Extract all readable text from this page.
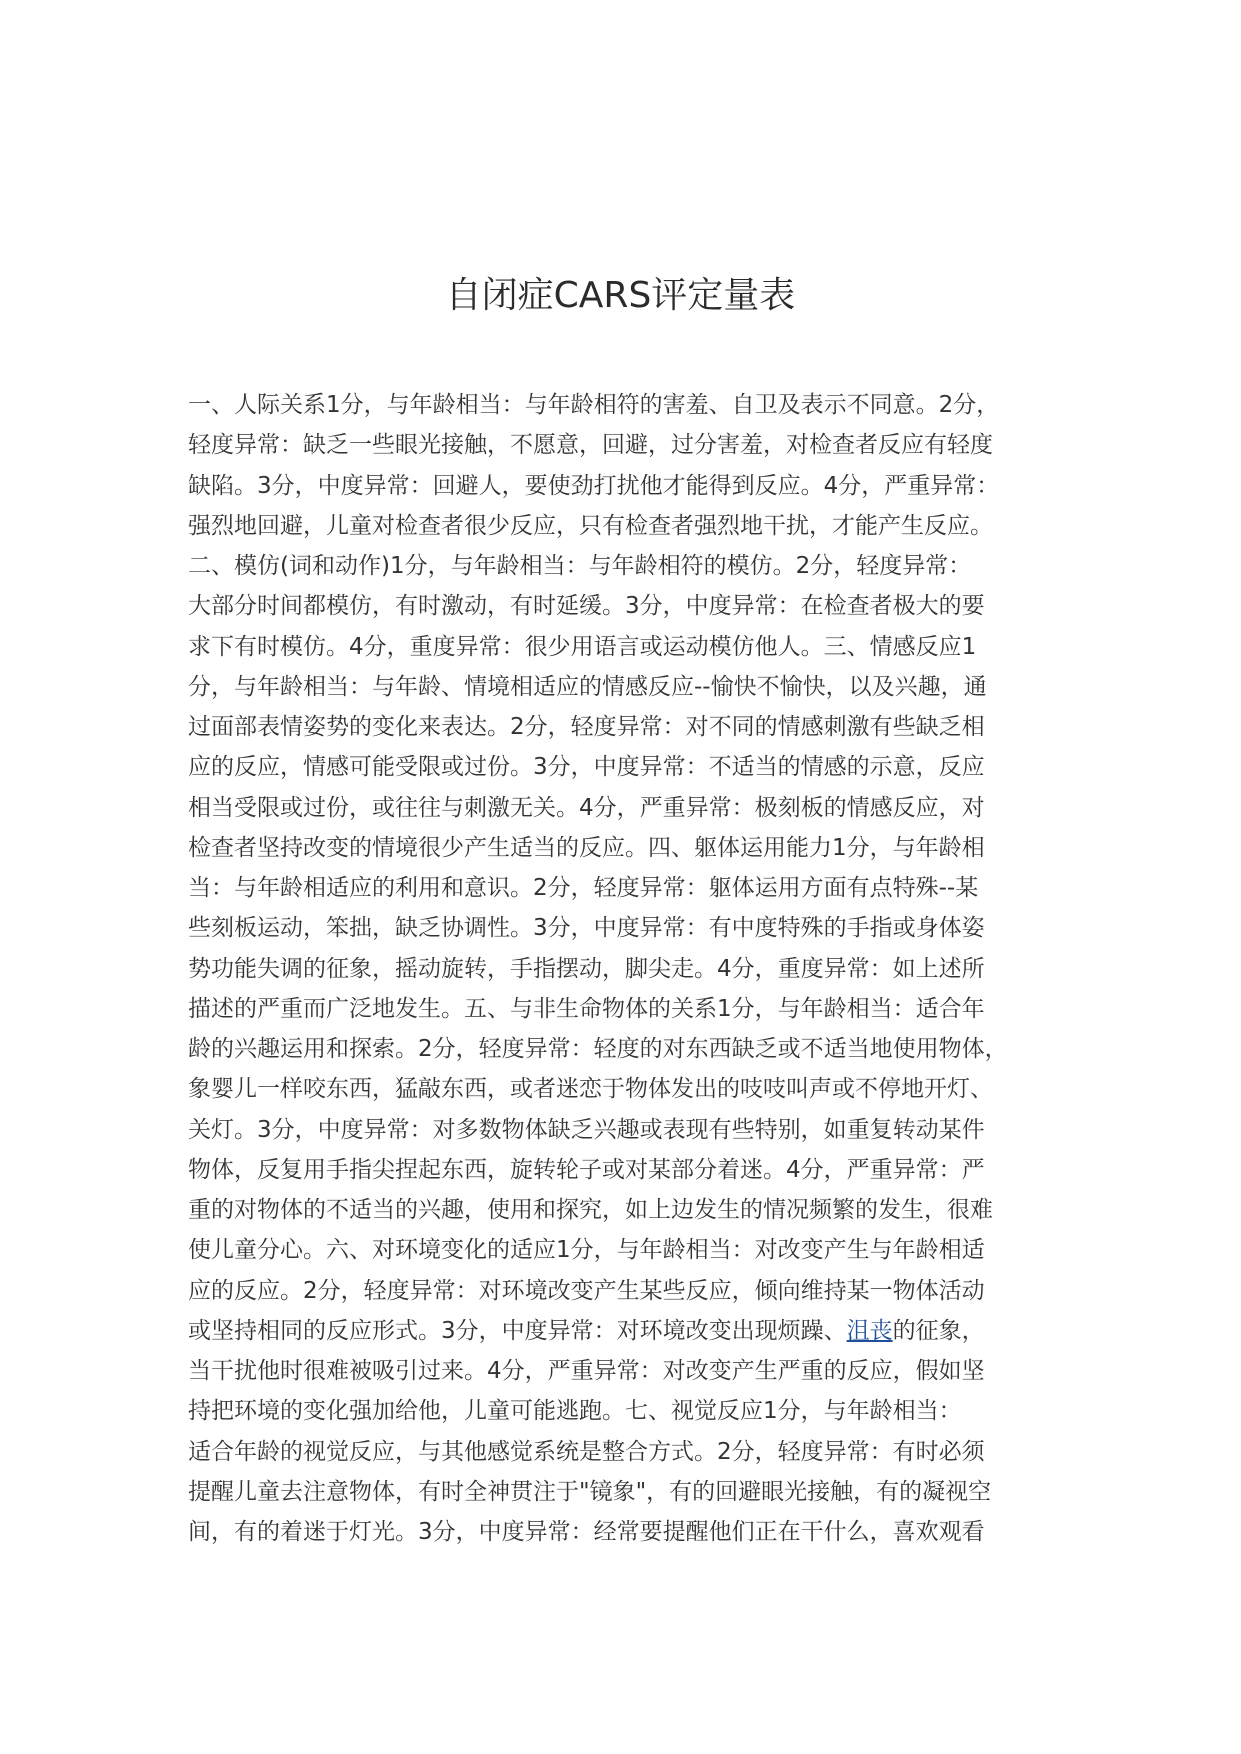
自闭症CARS评定量表
一、人际关系1分，与年龄相当：与年龄相符的害羞、自卫及表示不同意。2分，
轻度异常：缺乏一些眼光接触，不愿意，回避，过分害羞，对检查者反应有轻度
缺陷。3分，中度异常：回避人，要使劲打扰他才能得到反应。4分，严重异常：
强烈地回避，儿童对检查者很少反应，只有检查者强烈地干扰，才能产生反应。
二、模仿(词和动作)1分，与年龄相当：与年龄相符的模仿。2分，轻度异常：
大部分时间都模仿，有时激动，有时延缓。3分，中度异常：在检查者极大的要
求下有时模仿。4分，重度异常：很少用语言或运动模仿他人。三、情感反应1
分，与年龄相当：与年龄、情境相适应的情感反应--愉快不愉快，以及兴趣，通
过面部表情姿势的变化来表达。2分，轻度异常：对不同的情感刺激有些缺乏相
应的反应，情感可能受限或过份。3分，中度异常：不适当的情感的示意，反应
相当受限或过份，或往往与刺激无关。4分，严重异常：极刻板的情感反应，对
检查者坚持改变的情境很少产生适当的反应。四、躯体运用能力1分，与年龄相
当：与年龄相适应的利用和意识。2分，轻度异常：躯体运用方面有点特殊--某
些刻板运动，笨拙，缺乏协调性。3分，中度异常：有中度特殊的手指或身体姿
势功能失调的征象，摇动旋转，手指摆动，脚尖走。4分，重度异常：如上述所
描述的严重而广泛地发生。五、与非生命物体的关系1分，与年龄相当：适合年
龄的兴趣运用和探索。2分，轻度异常：轻度的对东西缺乏或不适当地使用物体，
象婴儿一样咬东西，猛敲东西，或者迷恋于物体发出的吱吱叫声或不停地开灯、
关灯。3分，中度异常：对多数物体缺乏兴趣或表现有些特别，如重复转动某件
物体，反复用手指尖捏起东西，旋转轮子或对某部分着迷。4分，严重异常：严
重的对物体的不适当的兴趣，使用和探究，如上边发生的情况频繁的发生，很难
使儿童分心。六、对环境变化的适应1分，与年龄相当：对改变产生与年龄相适
应的反应。2分，轻度异常：对环境改变产生某些反应，倾向维持某一物体活动
或坚持相同的反应形式。3分，中度异常：对环境改变出现烦躁、沮丧的征象，
当干扰他时很难被吸引过来。4分，严重异常：对改变产生严重的反应，假如坚
持把环境的变化强加给他，儿童可能逃跑。七、视觉反应1分，与年龄相当：
适合年龄的视觉反应，与其他感觉系统是整合方式。2分，轻度异常：有时必须
提醒儿童去注意物体，有时全神贯注于"镜象"，有的回避眼光接触，有的凝视空
间，有的着迷于灯光。3分，中度异常：经常要提醒他们正在干什么，喜欢观看
